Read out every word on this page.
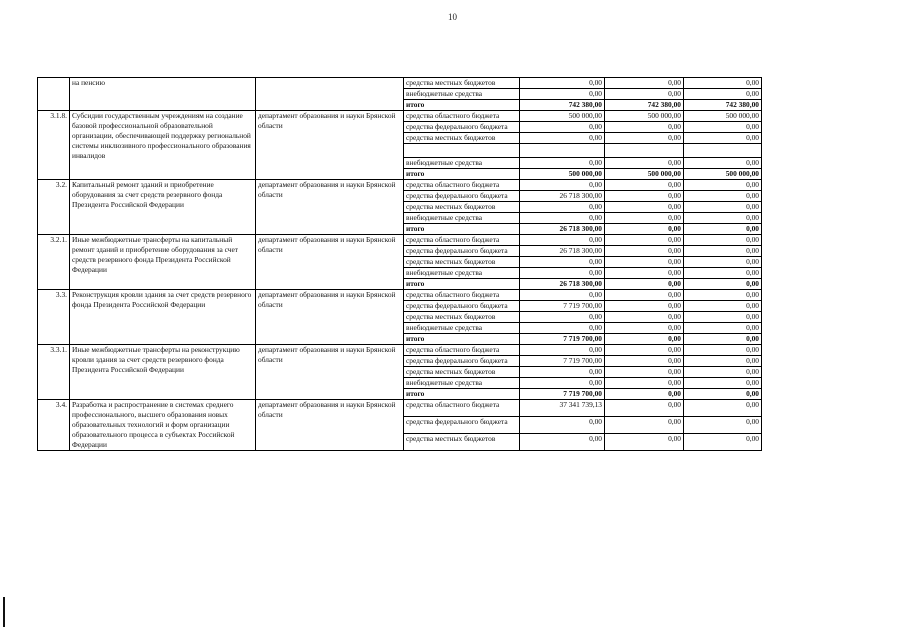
10
	на пенсию		средства местных бюджетов	0,00	0,00	0,00
			внебюджетные средства	0,00	0,00	0,00
			итого	742 380,00	742 380,00	742 380,00
3.1.8.	Субсидии государственным учреждениям на создание базовой профессиональной образовательной организации, обеспечивающей поддержку региональной системы инклюзивного профессионального образования инвалидов	департамент образования и науки Брянской области	средства областного бюджета	500 000,00	500 000,00	500 000,00
			средства федерального бюджета	0,00	0,00	0,00
			средства местных бюджетов	0,00	0,00	0,00

			внебюджетные средства	0,00	0,00	0,00
			итого	500 000,00	500 000,00	500 000,00
3.2.	Капитальный ремонт зданий и приобретение оборудования за счет средств резервного фонда Президента Российской Федерации	департамент образования и науки Брянской области	средства областного бюджета	0,00	0,00	0,00
			средства федерального бюджета	26 718 300,00	0,00	0,00
			средства местных бюджетов	0,00	0,00	0,00
			внебюджетные средства	0,00	0,00	0,00
			итого	26 718 300,00	0,00	0,00
3.2.1.	Иные межбюджетные трансферты на капитальный ремонт зданий и приобретение оборудования за счет средств резервного фонда Президента Российской Федерации	департамент образования и науки Брянской области	средства областного бюджета	0,00	0,00	0,00
			средства федерального бюджета	26 718 300,00	0,00	0,00
			средства местных бюджетов	0,00	0,00	0,00
			внебюджетные средства	0,00	0,00	0,00
			итого	26 718 300,00	0,00	0,00
3.3.	Реконструкция кровли здания за счет средств резервного фонда Президента Российской Федерации	департамент образования и науки Брянской области	средства областного бюджета	0,00	0,00	0,00
			средства федерального бюджета	7 719 700,00	0,00	0,00
			средства местных бюджетов	0,00	0,00	0,00
			внебюджетные средства	0,00	0,00	0,00
			итого	7 719 700,00	0,00	0,00
3.3.1.	Иные межбюджетные трансферты на реконструкцию кровли здания за счет средств резервного фонда Президента Российской Федерации	департамент образования и науки Брянской области	средства областного бюджета	0,00	0,00	0,00
			средства федерального бюджета	7 719 700,00	0,00	0,00
			средства местных бюджетов	0,00	0,00	0,00
			внебюджетные средства	0,00	0,00	0,00
			итого	7 719 700,00	0,00	0,00
3.4.	Разработка и распространение в системах среднего профессионального, высшего образования новых образовательных технологий и форм организации образовательного процесса в субъектах Российской Федерации	департамент образования и науки Брянской области	средства областного бюджета	37 341 739,13	0,00	0,00
			средства федерального бюджета	0,00	0,00	0,00
			средства местных бюджетов	0,00	0,00	0,00
